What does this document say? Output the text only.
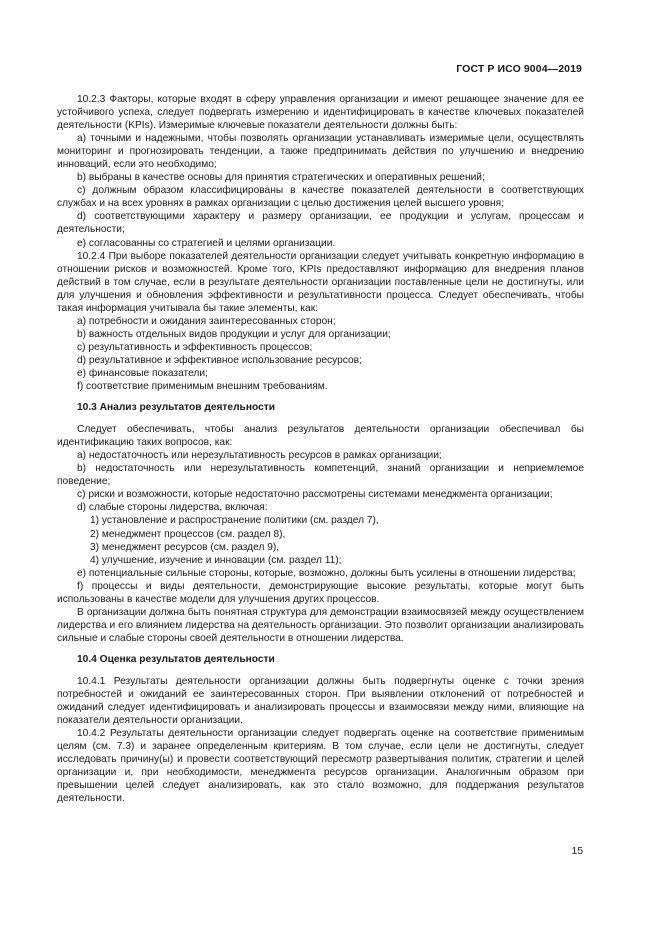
ГОСТ Р ИСО 9004—2019

10.2.3 Факторы, которые входят в сферу управления организации и имеют решающее значение для ее устойчивого успеха, следует подвергать измерению и идентифицировать в качестве ключевых показателей деятельности (KPIs). Измеримые ключевые показатели деятельности должны быть:

a) точными и надежными, чтобы позволять организации устанавливать измеримые цели, осуществлять мониторинг и прогнозировать тенденции, а также предпринимать действия по улучшению и внедрению инноваций, если это необходимо;

b) выбраны в качестве основы для принятия стратегических и оперативных решений;

c) должным образом классифицированы в качестве показателей деятельности в соответствующих службах и на всех уровнях в рамках организации с целью достижения целей высшего уровня;

d) соответствующими характеру и размеру организации, ее продукции и услугам, процессам и деятельности;

e) согласованны со стратегией и целями организации.

10.2.4 При выборе показателей деятельности организации следует учитывать конкретную информацию в отношении рисков и возможностей. Кроме того, KPIs предоставляют информацию для внедрения планов действий в том случае, если в результате деятельности организации поставленные цели не достигнуты, или для улучшения и обновления эффективности и результативности процесса. Следует обеспечивать, чтобы такая информация учитывала бы такие элементы, как:

a) потребности и ожидания заинтересованных сторон;

b) важность отдельных видов продукции и услуг для организации;

c) результативность и эффективность процессов;

d) результативное и эффективное использование ресурсов;

e) финансовые показатели;

f) соответствие применимым внешним требованиям.

10.3 Анализ результатов деятельности

Следует обеспечивать, чтобы анализ результатов деятельности организации обеспечивал бы идентификацию таких вопросов, как:

a) недостаточность или нерезультативность ресурсов в рамках организации;

b) недостаточность или нерезультативность компетенций, знаний организации и неприемлемое поведение;

c) риски и возможности, которые недостаточно рассмотрены системами менеджмента организации;

d) слабые стороны лидерства, включая:

1) установление и распространение политики (см. раздел 7),

2) менеджмент процессов (см. раздел 8),

3) менеджмент ресурсов (см. раздел 9),

4) улучшение, изучение и инновации (см. раздел 11);

e) потенциальные сильные стороны, которые, возможно, должны быть усилены в отношении лидерства;

f) процессы и виды деятельности, демонстрирующие высокие результаты, которые могут быть использованы в качестве модели для улучшения других процессов.

В организации должна быть понятная структура для демонстрации взаимосвязей между осуществлением лидерства и его влиянием лидерства на деятельность организации. Это позволит организации анализировать сильные и слабые стороны своей деятельности в отношении лидерства.

10.4 Оценка результатов деятельности

10.4.1 Результаты деятельности организации должны быть подвергнуты оценке с точки зрения потребностей и ожиданий ее заинтересованных сторон. При выявлении отклонений от потребностей и ожиданий следует идентифицировать и анализировать процессы и взаимосвязи между ними, влияющие на показатели деятельности организации.

10.4.2 Результаты деятельности организации следует подвергать оценке на соответствие применимым целям (см. 7.3) и заранее определенным критериям. В том случае, если цели не достигнуты, следует исследовать причину(ы) и провести соответствующий пересмотр развертывания политик, стратегии и целей организации и, при необходимости, менеджмента ресурсов организации. Аналогичным образом при превышении целей следует анализировать, как это стало возможно, для поддержания результатов деятельности.

15
